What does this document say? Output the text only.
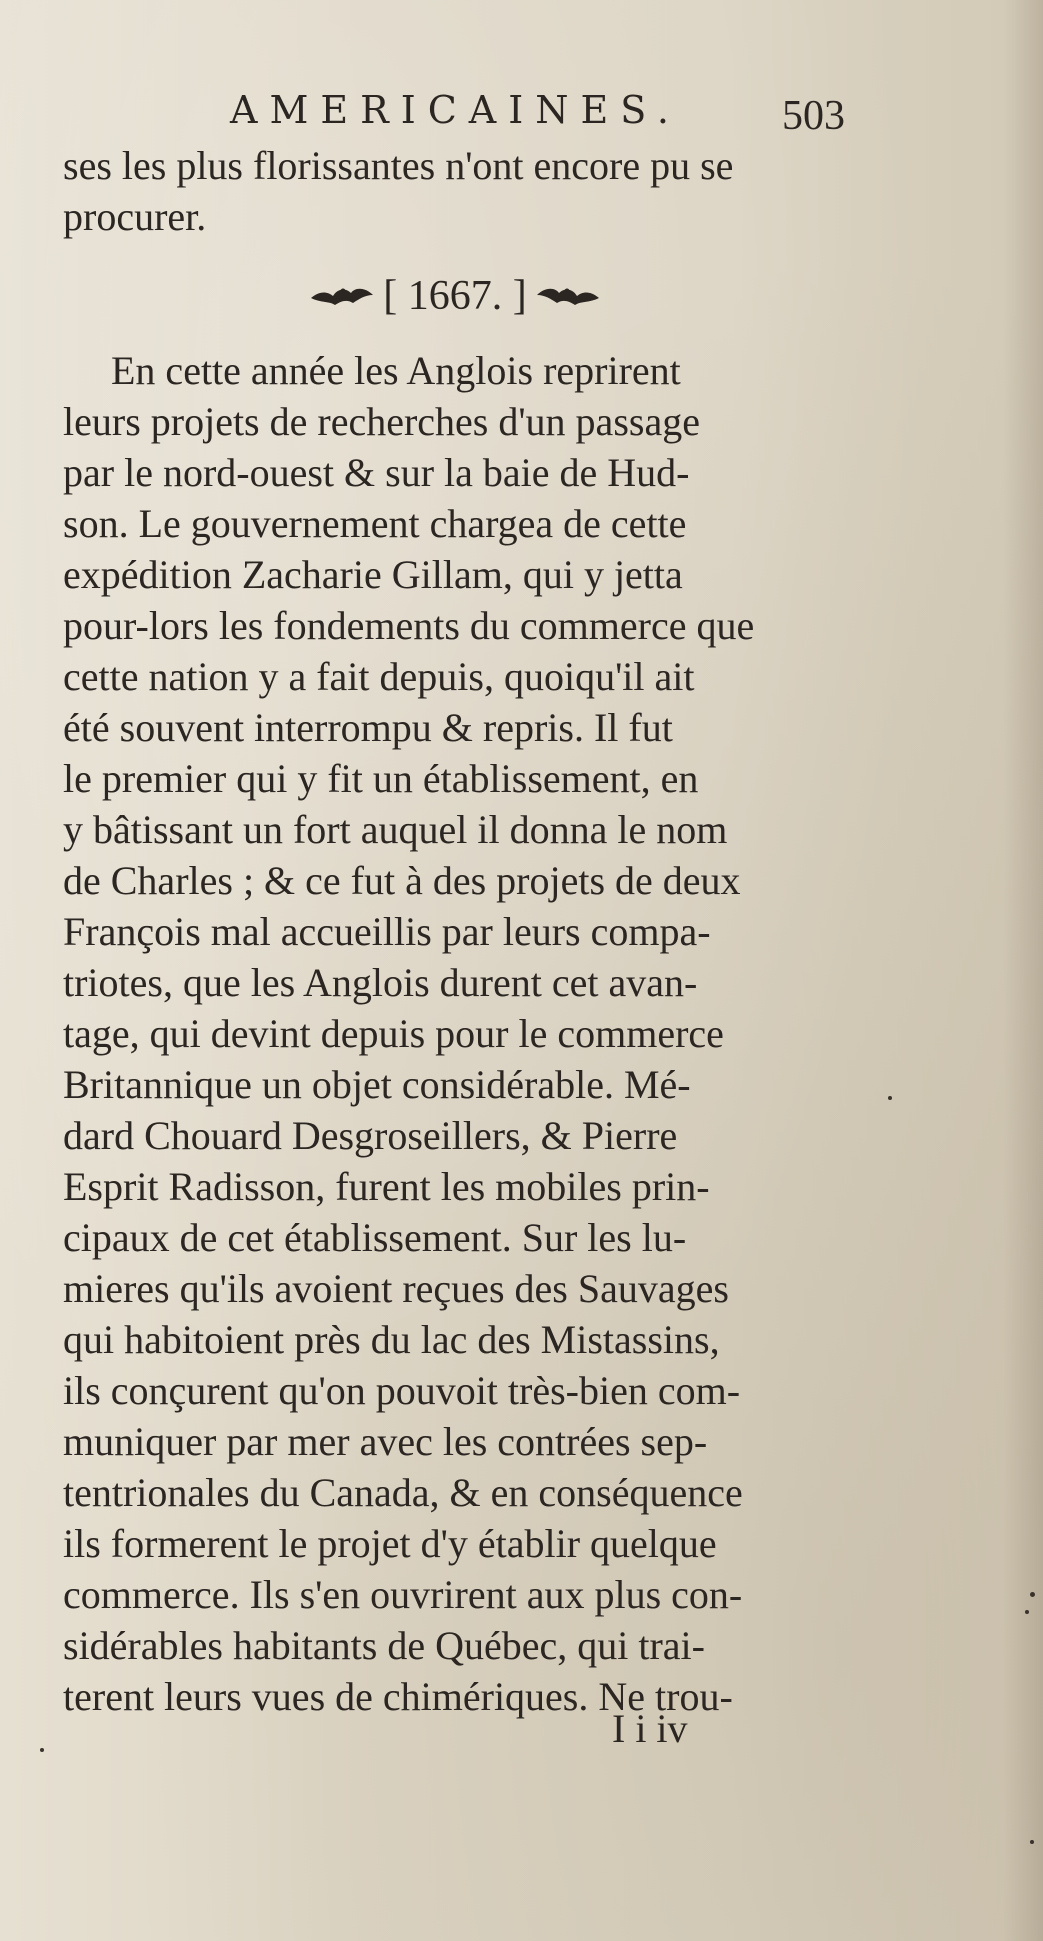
AMERICAINES. 503
ses les plus florissantes n'ont encore pu se
procurer.
[ 1667. ]
En cette année les Anglois reprirent
leurs projets de recherches d'un passage
par le nord-ouest & sur la baie de Hud-
son. Le gouvernement chargea de cette
expédition Zacharie Gillam, qui y jetta
pour-lors les fondements du commerce que
cette nation y a fait depuis, quoiqu'il ait
été souvent interrompu & repris. Il fut
le premier qui y fit un établissement, en
y bâtissant un fort auquel il donna le nom
de Charles ; & ce fut à des projets de deux
François mal accueillis par leurs compa-
triotes, que les Anglois durent cet avan-
tage, qui devint depuis pour le commerce
Britannique un objet considérable. Mé-
dard Chouard Desgroseillers, & Pierre
Esprit Radisson, furent les mobiles prin-
cipaux de cet établissement. Sur les lu-
mieres qu'ils avoient reçues des Sauvages
qui habitoient près du lac des Mistassins,
ils conçurent qu'on pouvoit très-bien com-
muniquer par mer avec les contrées sep-
tentrionales du Canada, & en conséquence
ils formerent le projet d'y établir quelque
commerce. Ils s'en ouvrirent aux plus con-
sidérables habitants de Québec, qui trai-
terent leurs vues de chimériques. Ne trou-
I i iv
